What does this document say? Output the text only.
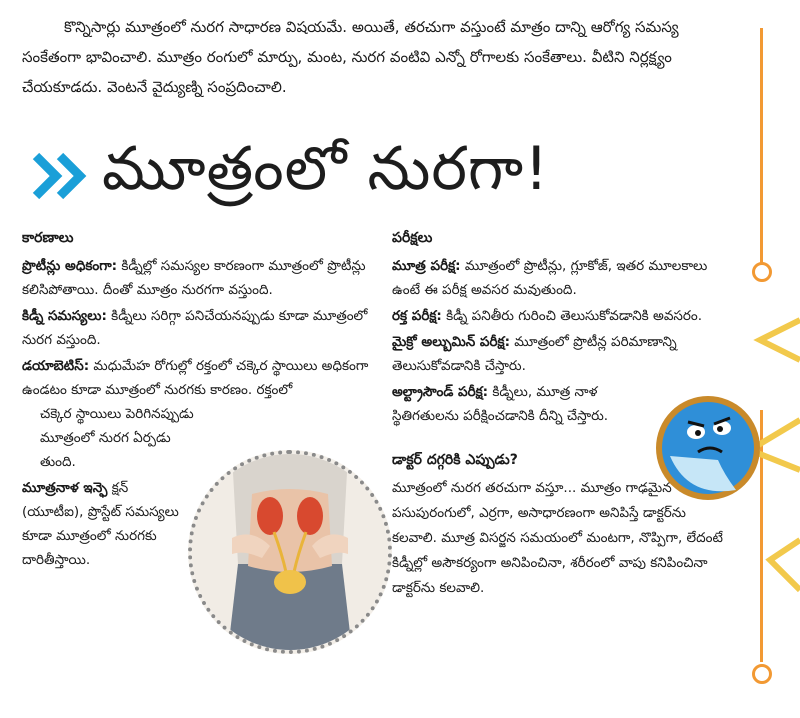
కొన్నిసార్లు మూత్రంలో నురగ సాధారణ విషయమే. అయితే, తరచుగా వస్తుంటే మాత్రం దాన్ని ఆరోగ్య సమస్య సంకేతంగా భావించాలి. మూత్రం రంగులో మార్పు, మంట, నురగ వంటివి ఎన్నో రోగాలకు సంకేతాలు. వీటిని నిర్లక్ష్యం చేయకూడదు. వెంటనే వైద్యుణ్ని సంప్రదించాలి.
మూత్రంలో నురగా!
కారణాలు
ప్రొటీన్లు అధికంగా: కిడ్నీల్లో సమస్యల కారణంగా మూత్రంలో ప్రొటీన్లు కలిసిపోతాయి. దీంతో మూత్రం నురగగా వస్తుంది.
కిడ్నీ సమస్యలు: కిడ్నీలు సరిగ్గా పనిచేయనప్పుడు కూడా మూత్రంలో నురగ వస్తుంది.
డయాబెటిస్: మధుమేహ రోగుల్లో రక్తంలో చక్కెర స్థాయిలు అధికంగా ఉండటం కూడా మూత్రంలో నురగకు కారణం. రక్తంలో
చక్కెర స్థాయిలు పెరిగినప్పుడు మూత్రంలో నురగ ఏర్పడు తుంది.
మూత్రనాళ ఇన్ఫె క్షన్ (యూటీఐ), ప్రొస్టేట్ సమస్యలు కూడా మూత్రంలో నురగకు దారితీస్తాయి.
పరీక్షలు
మూత్ర పరీక్ష: మూత్రంలో ప్రొటీన్లు, గ్లూకోజ్, ఇతర మూలకాలు ఉంటే ఈ పరీక్ష అవసర మవుతుంది.
రక్త పరీక్ష: కిడ్నీ పనితీరు గురించి తెలుసుకోవడానికి అవసరం.
మైక్రో అల్బుమిన్ పరీక్ష: మూత్రంలో ప్రొటీన్ల పరిమాణాన్ని తెలుసుకోవడానికి చేస్తారు.
అల్ట్రాసౌండ్ పరీక్ష: కిడ్నీలు, మూత్ర నాళ స్థితిగతులను పరీక్షించడానికి దీన్ని చేస్తారు.
డాక్టర్ దగ్గరికి ఎప్పుడు?
మూత్రంలో నురగ తరచుగా వస్తూ... మూత్రం గాఢమైన పసుపురంగులో, ఎర్రగా, అసాధారణంగా అనిపిస్తే డాక్టర్‌ను కలవాలి. మూత్ర విసర్జన సమయంలో మంటగా, నొప్పిగా, లేదంటే కిడ్నీల్లో అసౌకర్యంగా అనిపించినా, శరీరంలో వాపు కనిపించినా డాక్టర్‌ను కలవాలి.
